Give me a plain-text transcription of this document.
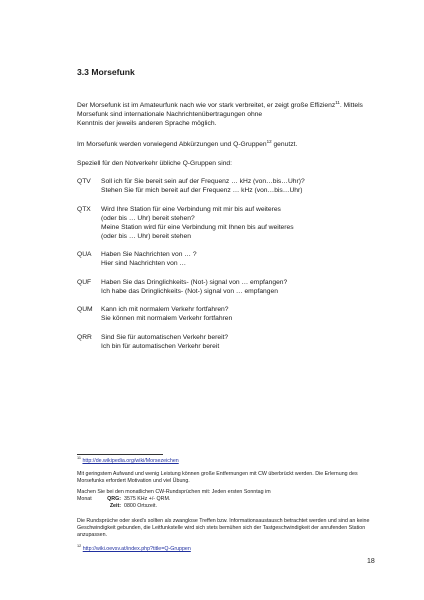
3.3 Morsefunk
Der Morsefunk ist im Amateurfunk nach wie vor stark verbreitet, er zeigt große Effizienz$^{11}$. Mittels Morsefunk sind internationale Nachrichtenübertragungen ohne
Kenntnis der jeweils anderen Sprache möglich.
Im Morsefunk werden vorwiegend Abkürzungen und Q-Gruppen$^{12}$ genutzt.
Speziell für den Notverkehr übliche Q-Gruppen sind:
QTV	Soll ich für Sie bereit sein auf der Frequenz … kHz (von…bis…Uhr)?
Stehen Sie für mich bereit auf der Frequenz … kHz (von…bis…Uhr)
QTX	Wird Ihre Station für eine Verbindung mit mir bis auf weiteres
(oder bis … Uhr) bereit stehen?
Meine Station wird für eine Verbindung mit Ihnen bis auf weiteres
(oder bis … Uhr) bereit stehen
QUA	Haben Sie Nachrichten von … ?
Hier sind Nachrichten von …
QUF	Haben Sie das Dringlichkeits- (Not-) signal von … empfangen?
Ich habe das Dringlichkeits- (Not-) signal von … empfangen
QUM	Kann ich mit normalem Verkehr fortfahren?
Sie können mit normalem Verkehr fortfahren
QRR	Sind Sie für automatischen Verkehr bereit?
Ich bin für automatischen Verkehr bereit
$^{11}$ http://de.wikipedia.org/wiki/Morsezeichen
Mit geringstem Aufwand und wenig Leistung können große Entfernungen mit CW überbrückt werden. Die Erlernung des Morsefunks erfordert Motivation und viel Übung.
Machen Sie bei den monatlichen CW-Rundsprüchen mit: Jeden ersten Sonntag im
Monat	QRG: 3575 KHz +/- QRM.
Zeit: 0800 Ortszeit.
Die Rundsprüche oder sked's sollten als zwanglose Treffen bzw. Informationsaustausch betrachtet werden und sind an keine Geschwindigkeit gebunden, die Leitfunkstelle wird sich stets bemühen sich der Tastgeschwindigkeit der anrufenden Station anzupassen.
$^{12}$ http://wiki.oevsv.at/index.php?title=Q-Gruppen
18
